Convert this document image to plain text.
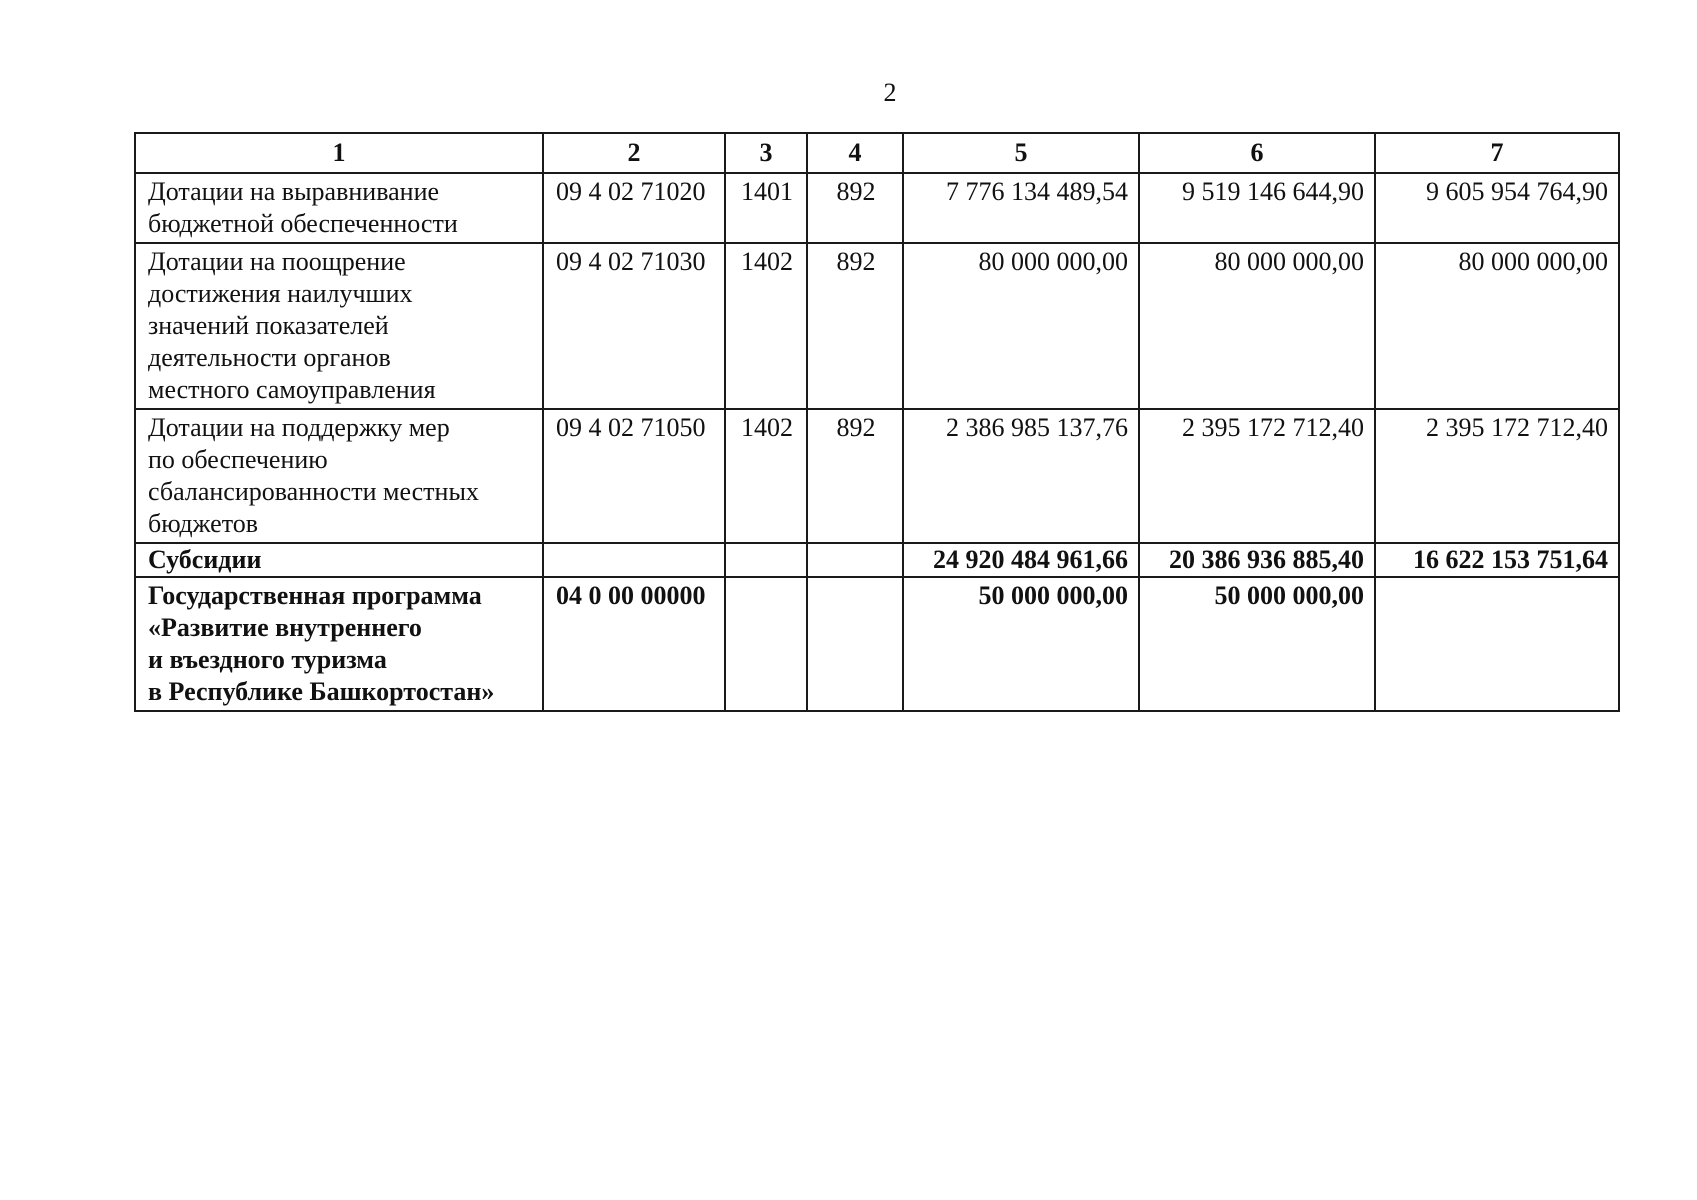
2
1	2	3	4	5	6	7
Дотации на выравнивание
бюджетной обеспеченности	09 4 02 71020	1401	892	7 776 134 489,54	9 519 146 644,90	9 605 954 764,90
Дотации на поощрение
достижения наилучших
значений показателей
деятельности органов
местного самоуправления	09 4 02 71030	1402	892	80 000 000,00	80 000 000,00	80 000 000,00
Дотации на поддержку мер
по обеспечению
сбалансированности местных
бюджетов	09 4 02 71050	1402	892	2 386 985 137,76	2 395 172 712,40	2 395 172 712,40
Субсидии				24 920 484 961,66	20 386 936 885,40	16 622 153 751,64
Государственная программа
«Развитие внутреннего
и въездного туризма
в Республике Башкортостан»	04 0 00 00000			50 000 000,00	50 000 000,00	
